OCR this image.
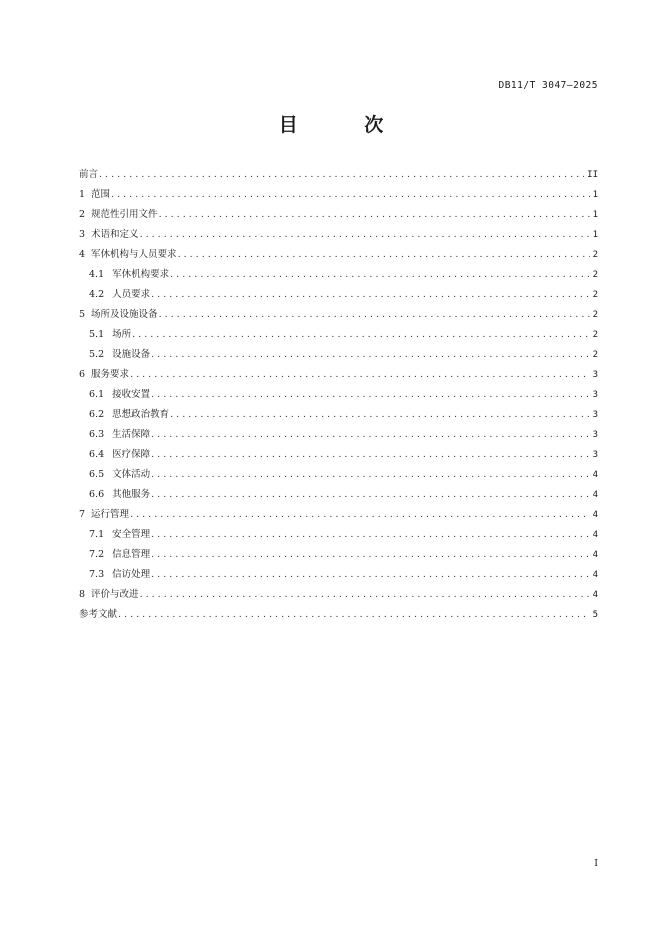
DB11/T 3047—2025
目 次
前言 . . .	II
1 范围 . . .	1
2 规范性引用文件 . . .	1
3 术语和定义 . . .	1
4 军休机构与人员要求 . . .	2
4.1 军休机构要求 . . .	2
4.2 人员要求 . . .	2
5 场所及设施设备 . . .	2
5.1 场所 . . .	2
5.2 设施设备 . . .	2
6 服务要求 . . .	3
6.1 接收安置 . . .	3
6.2 思想政治教育 . . .	3
6.3 生活保障 . . .	3
6.4 医疗保障 . . .	3
6.5 文体活动 . . .	4
6.6 其他服务 . . .	4
7 运行管理 . . .	4
7.1 安全管理 . . .	4
7.2 信息管理 . . .	4
7.3 信访处理 . . .	4
8 评价与改进 . . .	4
参考文献 . . .	5
I
